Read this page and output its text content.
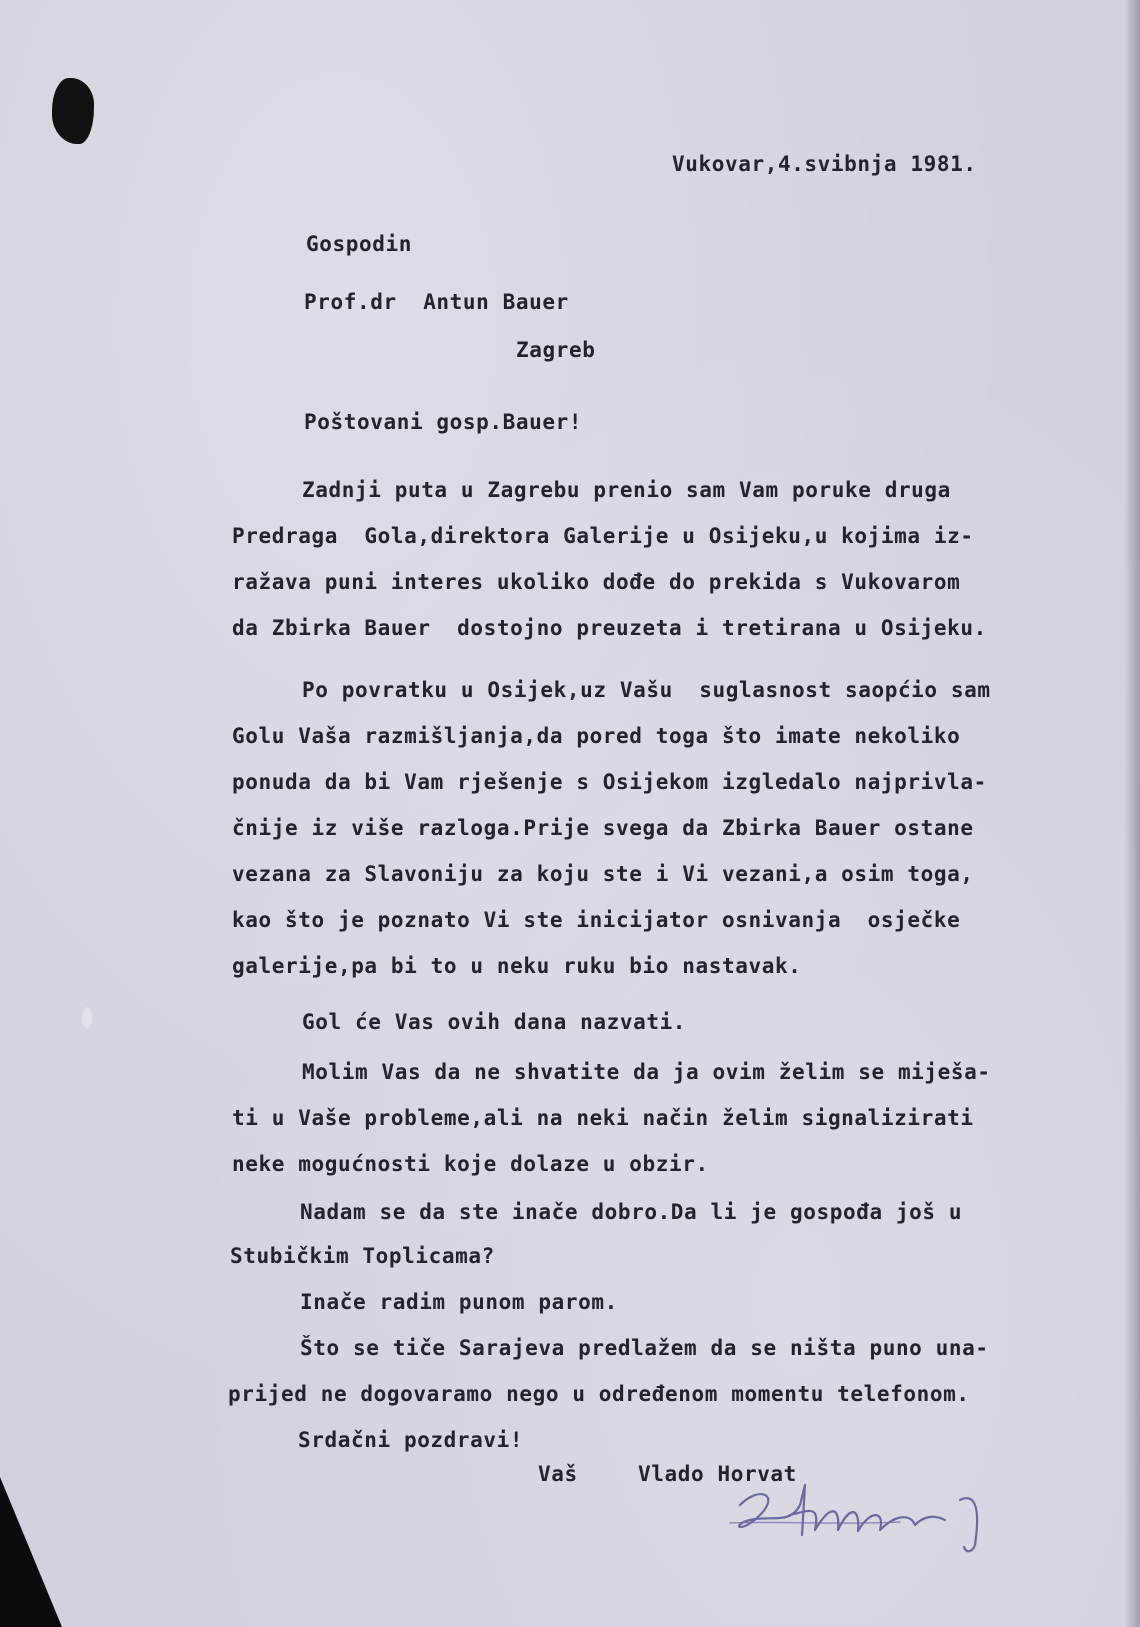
Vukovar,4.svibnja 1981.

Gospodin

Prof.dr  Antun Bauer

Zagreb

Poštovani gosp.Bauer!

Zadnji puta u Zagrebu prenio sam Vam poruke druga

Predraga  Gola,direktora Galerije u Osijeku,u kojima iz-

ražava puni interes ukoliko dođe do prekida s Vukovarom

da Zbirka Bauer  dostojno preuzeta i tretirana u Osijeku.

Po povratku u Osijek,uz Vašu  suglasnost saopćio sam

Golu Vaša razmišljanja,da pored toga što imate nekoliko

ponuda da bi Vam rješenje s Osijekom izgledalo najprivla-

čnije iz više razloga.Prije svega da Zbirka Bauer ostane

vezana za Slavoniju za koju ste i Vi vezani,a osim toga,

kao što je poznato Vi ste inicijator osnivanja  osječke

galerije,pa bi to u neku ruku bio nastavak.

Gol će Vas ovih dana nazvati.

Molim Vas da ne shvatite da ja ovim želim se miješa-

ti u Vaše probleme,ali na neki način želim signalizirati

neke mogućnosti koje dolaze u obzir.

Nadam se da ste inače dobro.Da li je gospođa još u

Stubičkim Toplicama?

Inače radim punom parom.

Što se tiče Sarajeva predlažem da se ništa puno una-

prijed ne dogovaramo nego u određenom momentu telefonom.

Srdačni pozdravi!

Vaš	Vlado Horvat
